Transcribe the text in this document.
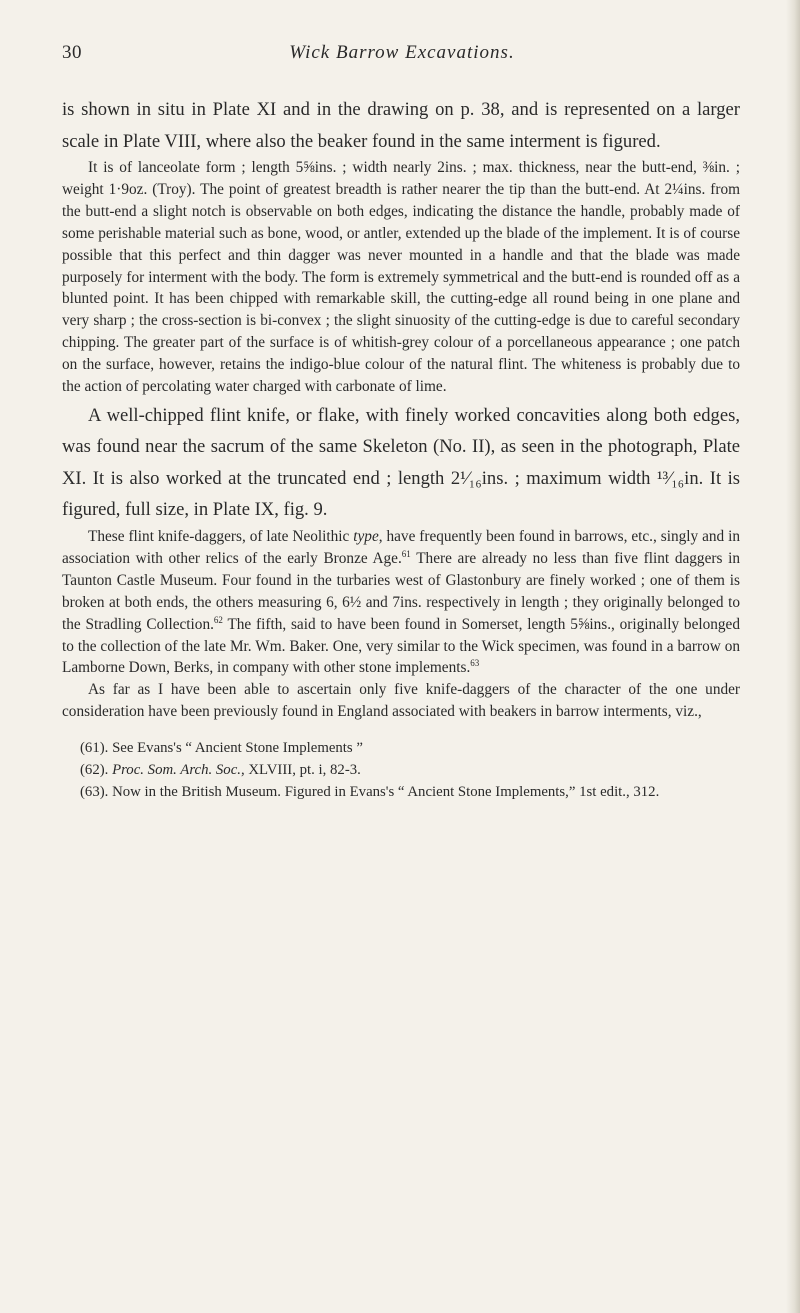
30	Wick Barrow Excavations.

is shown in situ in Plate XI and in the drawing on p. 38, and is represented on a larger scale in Plate VIII, where also the beaker found in the same interment is figured.

It is of lanceolate form ; length 5⅝ins. ; width nearly 2ins. ; max. thickness, near the butt-end, ⅜in. ; weight 1·9oz. (Troy). The point of greatest breadth is rather nearer the tip than the butt-end. At 2¼ins. from the butt-end a slight notch is observable on both edges, indicating the distance the handle, probably made of some perishable material such as bone, wood, or antler, extended up the blade of the implement. It is of course possible that this perfect and thin dagger was never mounted in a handle and that the blade was made purposely for interment with the body. The form is extremely symmetrical and the butt-end is rounded off as a blunted point. It has been chipped with remarkable skill, the cutting-edge all round being in one plane and very sharp ; the cross-section is bi-convex ; the slight sinuosity of the cutting-edge is due to careful secondary chipping. The greater part of the surface is of whitish-grey colour of a porcellaneous appearance ; one patch on the surface, however, retains the indigo-blue colour of the natural flint. The whiteness is probably due to the action of percolating water charged with carbonate of lime.

A well-chipped flint knife, or flake, with finely worked concavities along both edges, was found near the sacrum of the same Skeleton (No. II), as seen in the photograph, Plate XI. It is also worked at the truncated end ; length 2¹⁄₁₆ins. ; maximum width ¹³⁄₁₆in. It is figured, full size, in Plate IX, fig. 9.

These flint knife-daggers, of late Neolithic type, have frequently been found in barrows, etc., singly and in association with other relics of the early Bronze Age.$^{61}$ There are already no less than five flint daggers in Taunton Castle Museum. Four found in the turbaries west of Glastonbury are finely worked ; one of them is broken at both ends, the others measuring 6, 6½ and 7ins. respectively in length ; they originally belonged to the Stradling Collection.$^{62}$ The fifth, said to have been found in Somerset, length 5⅝ins., originally belonged to the collection of the late Mr. Wm. Baker. One, very similar to the Wick specimen, was found in a barrow on Lamborne Down, Berks, in company with other stone implements.$^{63}$

As far as I have been able to ascertain only five knife-daggers of the character of the one under consideration have been previously found in England associated with beakers in barrow interments, viz.,

(61). See Evans's “ Ancient Stone Implements ”

(62). Proc. Som. Arch. Soc., XLVIII, pt. i, 82-3.

(63). Now in the British Museum. Figured in Evans's “ Ancient Stone Implements,” 1st edit., 312.
